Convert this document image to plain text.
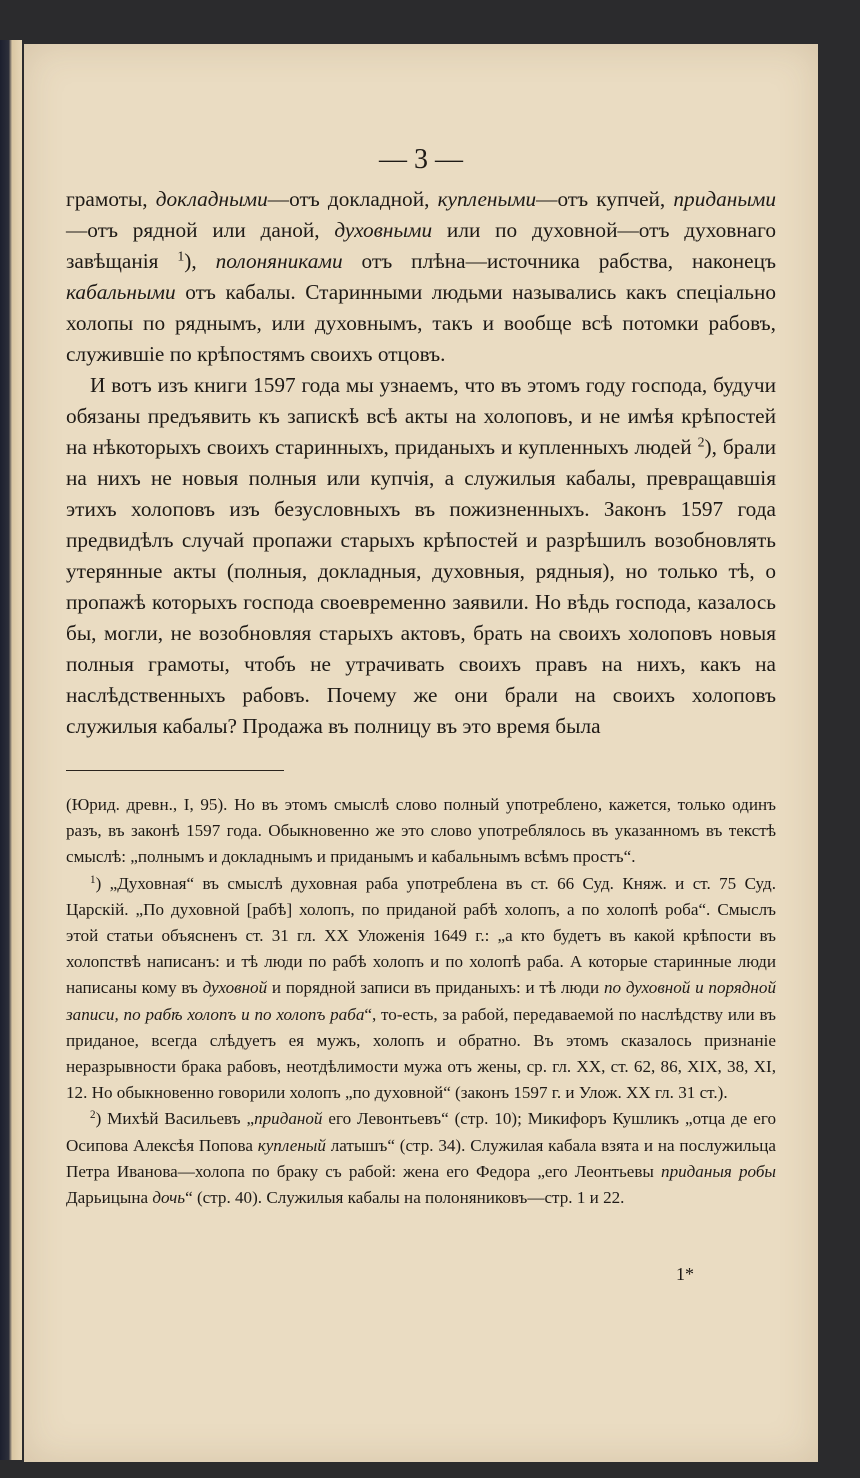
— 3 —

грамоты, докладными—отъ докладной, куплеными—отъ купчей, придаными—отъ рядной или даной, духовными или по духовной—отъ духовнаго завѣщанія $^1$), полоняниками отъ плѣна—источника рабства, наконецъ кабальными отъ кабалы. Старинными людьми назывались какъ спеціально холопы по ряднымъ, или духовнымъ, такъ и вообще всѣ потомки рабовъ, служившіе по крѣпостямъ своихъ отцовъ.

И вотъ изъ книги 1597 года мы узнаемъ, что въ этомъ году господа, будучи обязаны предъявить къ запискѣ всѣ акты на холоповъ, и не имѣя крѣпостей на нѣкоторыхъ своихъ старинныхъ, приданыхъ и купленныхъ людей $^2$), брали на нихъ не новыя полныя или купчія, а служилыя кабалы, превращавшія этихъ холоповъ изъ безусловныхъ въ пожизненныхъ. Законъ 1597 года предвидѣлъ случай пропажи старыхъ крѣпостей и разрѣшилъ возобновлять утерянные акты (полныя, докладныя, духовныя, рядныя), но только тѣ, о пропажѣ которыхъ господа своевременно заявили. Но вѣдь господа, казалось бы, могли, не возобновляя старыхъ актовъ, брать на своихъ холоповъ новыя полныя грамоты, чтобъ не утрачивать своихъ правъ на нихъ, какъ на наслѣдственныхъ рабовъ. Почему же они брали на своихъ холоповъ служилыя кабалы? Продажа въ полницу въ это время была

(Юрид. древн., I, 95). Но въ этомъ смыслѣ слово полный употреблено, кажется, только одинъ разъ, въ законѣ 1597 года. Обыкновенно же это слово употреблялось въ указанномъ въ текстѣ смыслѣ: „полнымъ и докладнымъ и приданымъ и кабальнымъ всѣмъ простъ“.

$^1$) „Духовная“ въ смыслѣ духовная раба употреблена въ ст. 66 Суд. Княж. и ст. 75 Суд. Царскій. „По духовной [рабѣ] холопъ, по приданой рабѣ холопъ, а по холопѣ роба“. Смыслъ этой статьи объясненъ ст. 31 гл. XX Уложенія 1649 г.: „а кто будетъ въ какой крѣпости въ холопствѣ написанъ: и тѣ люди по рабѣ холопъ и по холопѣ раба. А которые старинные люди написаны кому въ духовной и порядной записи въ приданыхъ: и тѣ люди по духовной и порядной записи, по рабѣ холопъ и по холопъ раба“, то-есть, за рабой, передаваемой по наслѣдству или въ приданое, всегда слѣдуетъ ея мужъ, холопъ и обратно. Въ этомъ сказалось признаніе неразрывности брака рабовъ, неотдѣлимости мужа отъ жены, ср. гл. XX, ст. 62, 86, XIX, 38, XI, 12. Но обыкновенно говорили холопъ „по духовной“ (законъ 1597 г. и Улож. XX гл. 31 ст.).

$^2$) Михѣй Васильевъ „приданой его Левонтьевъ“ (стр. 10); Микифоръ Кушликъ „отца де его Осипова Алексѣя Попова купленый латышъ“ (стр. 34). Служилая кабала взята и на послужильца Петра Иванова—холопа по браку съ рабой: жена его Федора „его Леонтьевы приданыя робы Дарьицына дочь“ (стр. 40). Служилыя кабалы на полоняниковъ—стр. 1 и 22.

1*
